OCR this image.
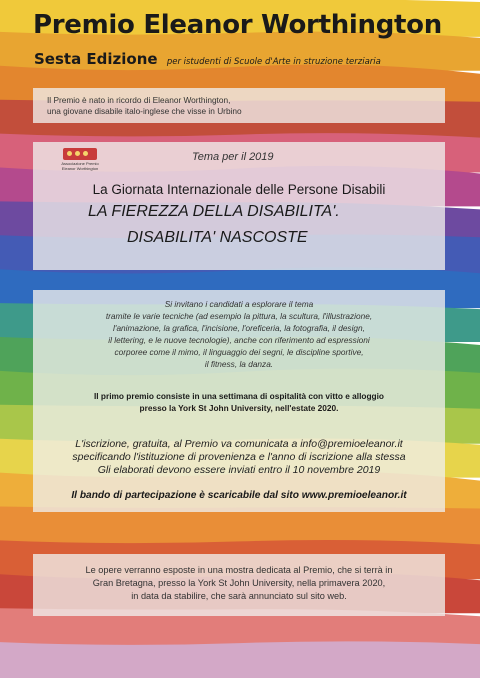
Premio Eleanor Worthington
Sesta Edizione per istudenti di Scuole d'Arte in struzione terziaria
Il Premio è nato in ricordo di Eleanor Worthington,
una giovane disabile italo-inglese che visse in Urbino
Associazione Premio
Eleanor Worthington
Tema per il 2019
La Giornata Internazionale delle Persone Disabili
LA FIEREZZA DELLA DISABILITA'.
DISABILITA' NASCOSTE
Si invitano i candidati a esplorare il tema
tramite le varie tecniche (ad esempio la pittura, la scultura, l'illustrazione,
l'animazione, la grafica, l'incisione, l'oreficeria, la fotografia, il design,
il lettering, e le nuove tecnologie), anche con riferimento ad espressioni
corporee come il mimo, il linguaggio dei segni, le discipline sportive,
il fitness, la danza.
Il primo premio consiste in una settimana di ospitalità con vitto e alloggio
presso la York St John University, nell'estate 2020.
L'iscrizione, gratuita, al Premio va comunicata a info@premioeleanor.it
specificando l'istituzione di provenienza e l'anno di iscrizione alla stessa
Gli elaborati devono essere inviati entro il 10 novembre 2019
Il bando di partecipazione è scaricabile dal sito www.premioeleanor.it
Le opere verranno esposte in una mostra dedicata al Premio, che si terrà in
Gran Bretagna, presso la York St John University, nella primavera 2020,
in data da stabilire, che sarà annunciato sul sito web.
